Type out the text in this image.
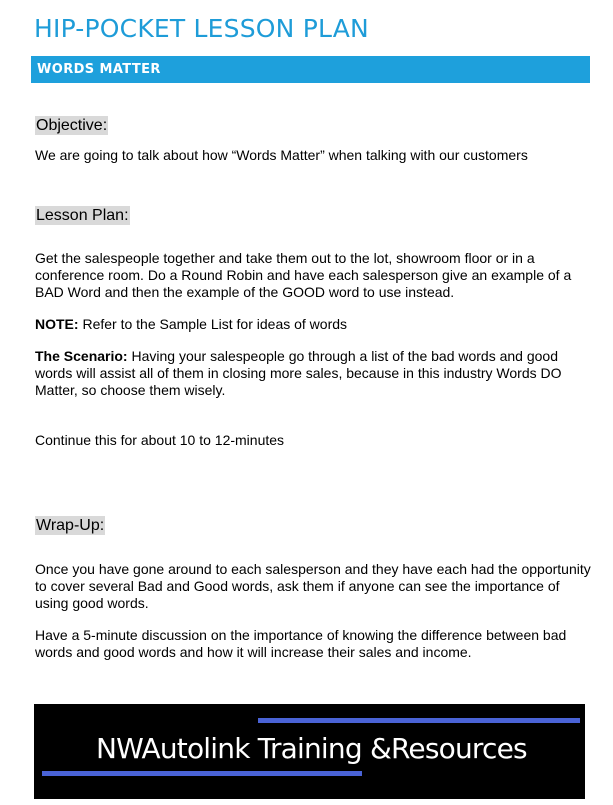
HIP-POCKET LESSON PLAN
WORDS MATTER
Objective:
We are going to talk about how “Words Matter” when talking with our customers
Lesson Plan:
Get the salespeople together and take them out to the lot, showroom floor or in a conference room. Do a Round Robin and have each salesperson give an example of a BAD Word and then the example of the GOOD word to use instead.
NOTE: Refer to the Sample List for ideas of words
The Scenario: Having your salespeople go through a list of the bad words and good words will assist all of them in closing more sales, because in this industry Words DO Matter, so choose them wisely.
Continue this for about 10 to 12-minutes
Wrap-Up:
Once you have gone around to each salesperson and they have each had the opportunity to cover several Bad and Good words, ask them if anyone can see the importance of using good words.
Have a 5-minute discussion on the importance of knowing the difference between bad words and good words and how it will increase their sales and income.
NWAutolink Training &Resources
